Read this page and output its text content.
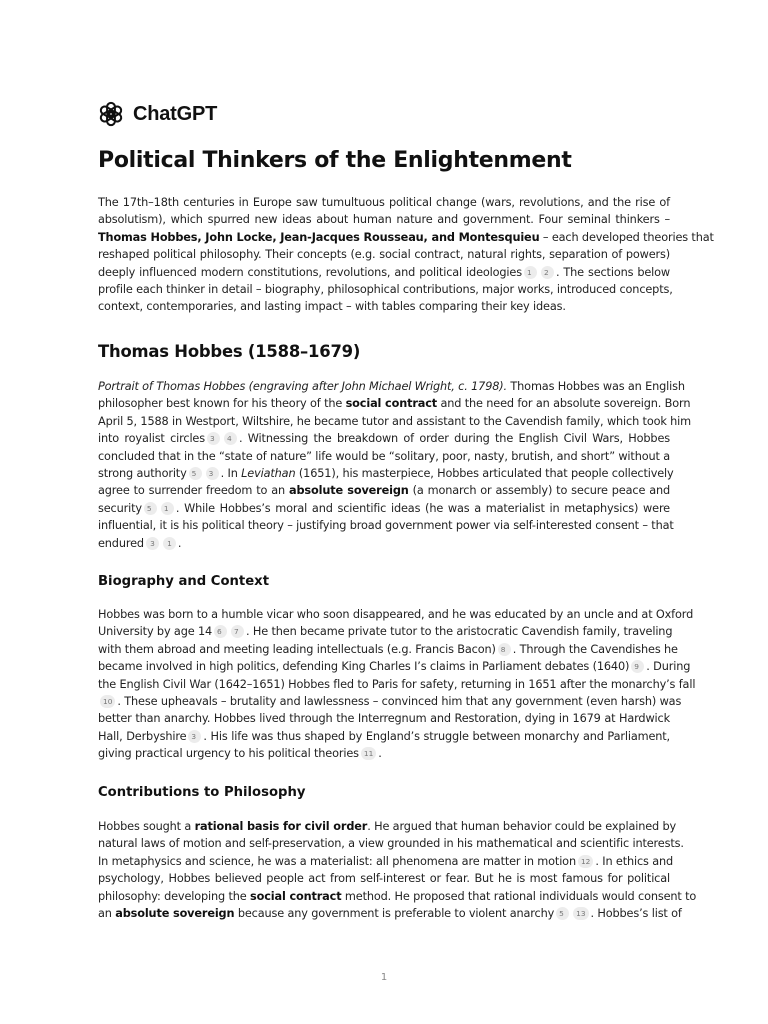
ChatGPT
Political Thinkers of the Enlightenment

The 17th–18th centuries in Europe saw tumultuous political change (wars, revolutions, and the rise of
absolutism), which spurred new ideas about human nature and government. Four seminal thinkers –
Thomas Hobbes, John Locke, Jean-Jacques Rousseau, and Montesquieu – each developed theories that
reshaped political philosophy. Their concepts (e.g. social contract, natural rights, separation of powers)
deeply influenced modern constitutions, revolutions, and political ideologies 1 2 . The sections below
profile each thinker in detail – biography, philosophical contributions, major works, introduced concepts,
context, contemporaries, and lasting impact – with tables comparing their key ideas.

Thomas Hobbes (1588–1679)

Portrait of Thomas Hobbes (engraving after John Michael Wright, c. 1798). Thomas Hobbes was an English
philosopher best known for his theory of the social contract and the need for an absolute sovereign. Born
April 5, 1588 in Westport, Wiltshire, he became tutor and assistant to the Cavendish family, which took him
into royalist circles 3 4 . Witnessing the breakdown of order during the English Civil Wars, Hobbes
concluded that in the “state of nature” life would be “solitary, poor, nasty, brutish, and short” without a
strong authority 5 3 . In Leviathan (1651), his masterpiece, Hobbes articulated that people collectively
agree to surrender freedom to an absolute sovereign (a monarch or assembly) to secure peace and
security 5 1 . While Hobbes’s moral and scientific ideas (he was a materialist in metaphysics) were
influential, it is his political theory – justifying broad government power via self-interested consent – that
endured 3 1 .

Biography and Context

Hobbes was born to a humble vicar who soon disappeared, and he was educated by an uncle and at Oxford
University by age 14 6 7 . He then became private tutor to the aristocratic Cavendish family, traveling
with them abroad and meeting leading intellectuals (e.g. Francis Bacon) 8 . Through the Cavendishes he
became involved in high politics, defending King Charles I’s claims in Parliament debates (1640) 9 . During
the English Civil War (1642–1651) Hobbes fled to Paris for safety, returning in 1651 after the monarchy’s fall
10 . These upheavals – brutality and lawlessness – convinced him that any government (even harsh) was
better than anarchy. Hobbes lived through the Interregnum and Restoration, dying in 1679 at Hardwick
Hall, Derbyshire 3 . His life was thus shaped by England’s struggle between monarchy and Parliament,
giving practical urgency to his political theories 11 .

Contributions to Philosophy

Hobbes sought a rational basis for civil order. He argued that human behavior could be explained by
natural laws of motion and self-preservation, a view grounded in his mathematical and scientific interests.
In metaphysics and science, he was a materialist: all phenomena are matter in motion 12 . In ethics and
psychology, Hobbes believed people act from self-interest or fear. But he is most famous for political
philosophy: developing the social contract method. He proposed that rational individuals would consent to
an absolute sovereign because any government is preferable to violent anarchy 5 13 . Hobbes’s list of

1
